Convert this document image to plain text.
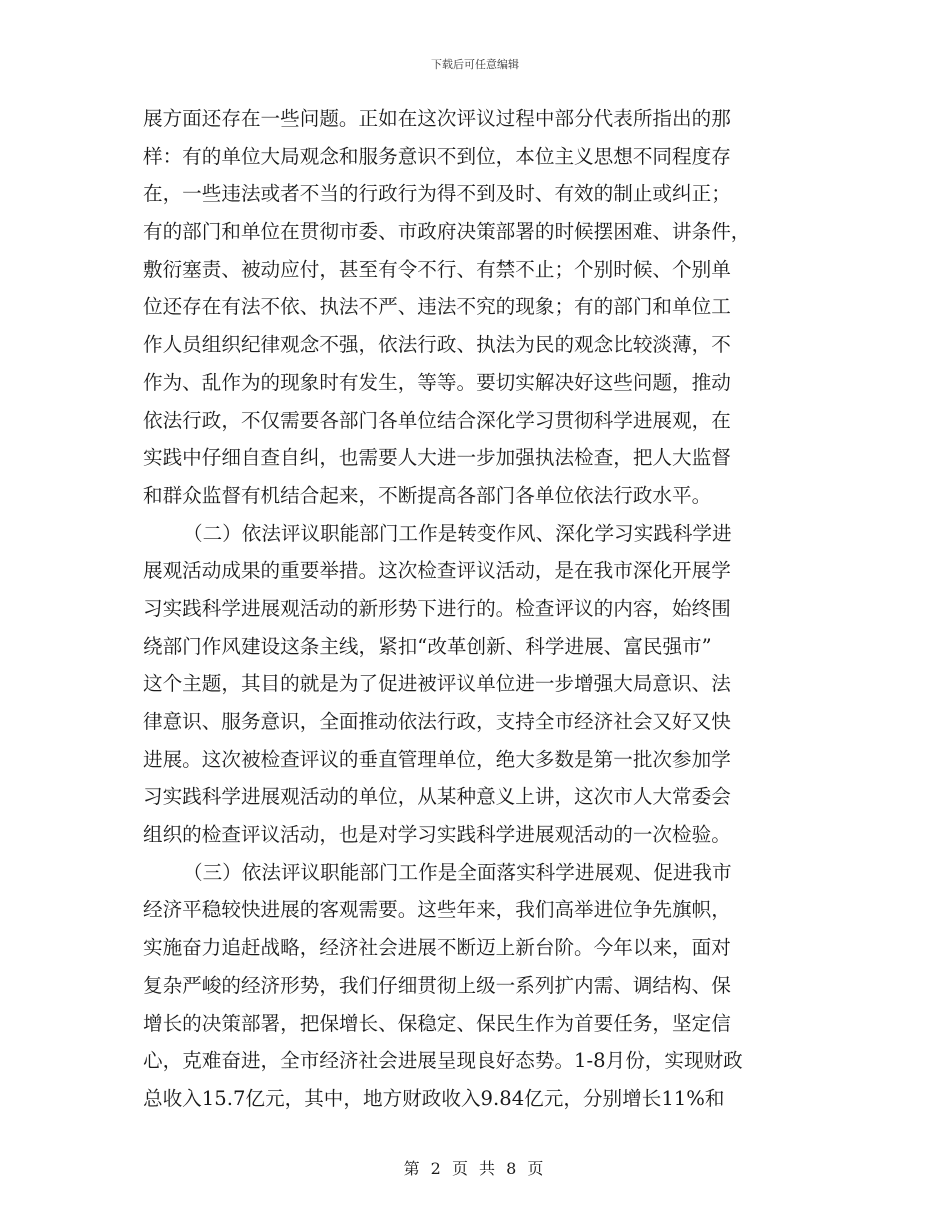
下载后可任意编辑
展方面还存在一些问题。正如在这次评议过程中部分代表所指出的那
样：有的单位大局观念和服务意识不到位，本位主义思想不同程度存
在，一些违法或者不当的行政行为得不到及时、有效的制止或纠正；
有的部门和单位在贯彻市委、市政府决策部署的时候摆困难、讲条件，
敷衍塞责、被动应付，甚至有令不行、有禁不止；个别时候、个别单
位还存在有法不依、执法不严、违法不究的现象；有的部门和单位工
作人员组织纪律观念不强，依法行政、执法为民的观念比较淡薄，不
作为、乱作为的现象时有发生，等等。要切实解决好这些问题，推动
依法行政，不仅需要各部门各单位结合深化学习贯彻科学进展观，在
实践中仔细自查自纠，也需要人大进一步加强执法检查，把人大监督
和群众监督有机结合起来，不断提高各部门各单位依法行政水平。
（二）依法评议职能部门工作是转变作风、深化学习实践科学进
展观活动成果的重要举措。这次检查评议活动，是在我市深化开展学
习实践科学进展观活动的新形势下进行的。检查评议的内容，始终围
绕部门作风建设这条主线，紧扣“改革创新、科学进展、富民强市”
这个主题，其目的就是为了促进被评议单位进一步增强大局意识、法
律意识、服务意识，全面推动依法行政，支持全市经济社会又好又快
进展。这次被检查评议的垂直管理单位，绝大多数是第一批次参加学
习实践科学进展观活动的单位，从某种意义上讲，这次市人大常委会
组织的检查评议活动，也是对学习实践科学进展观活动的一次检验。
（三）依法评议职能部门工作是全面落实科学进展观、促进我市
经济平稳较快进展的客观需要。这些年来，我们高举进位争先旗帜，
实施奋力追赶战略，经济社会进展不断迈上新台阶。今年以来，面对
复杂严峻的经济形势，我们仔细贯彻上级一系列扩内需、调结构、保
增长的决策部署，把保增长、保稳定、保民生作为首要任务，坚定信
心，克难奋进，全市经济社会进展呈现良好态势。1-8月份，实现财政
总收入15.7亿元，其中，地方财政收入9.84亿元，分别增长11%和
第 2 页 共 8 页
